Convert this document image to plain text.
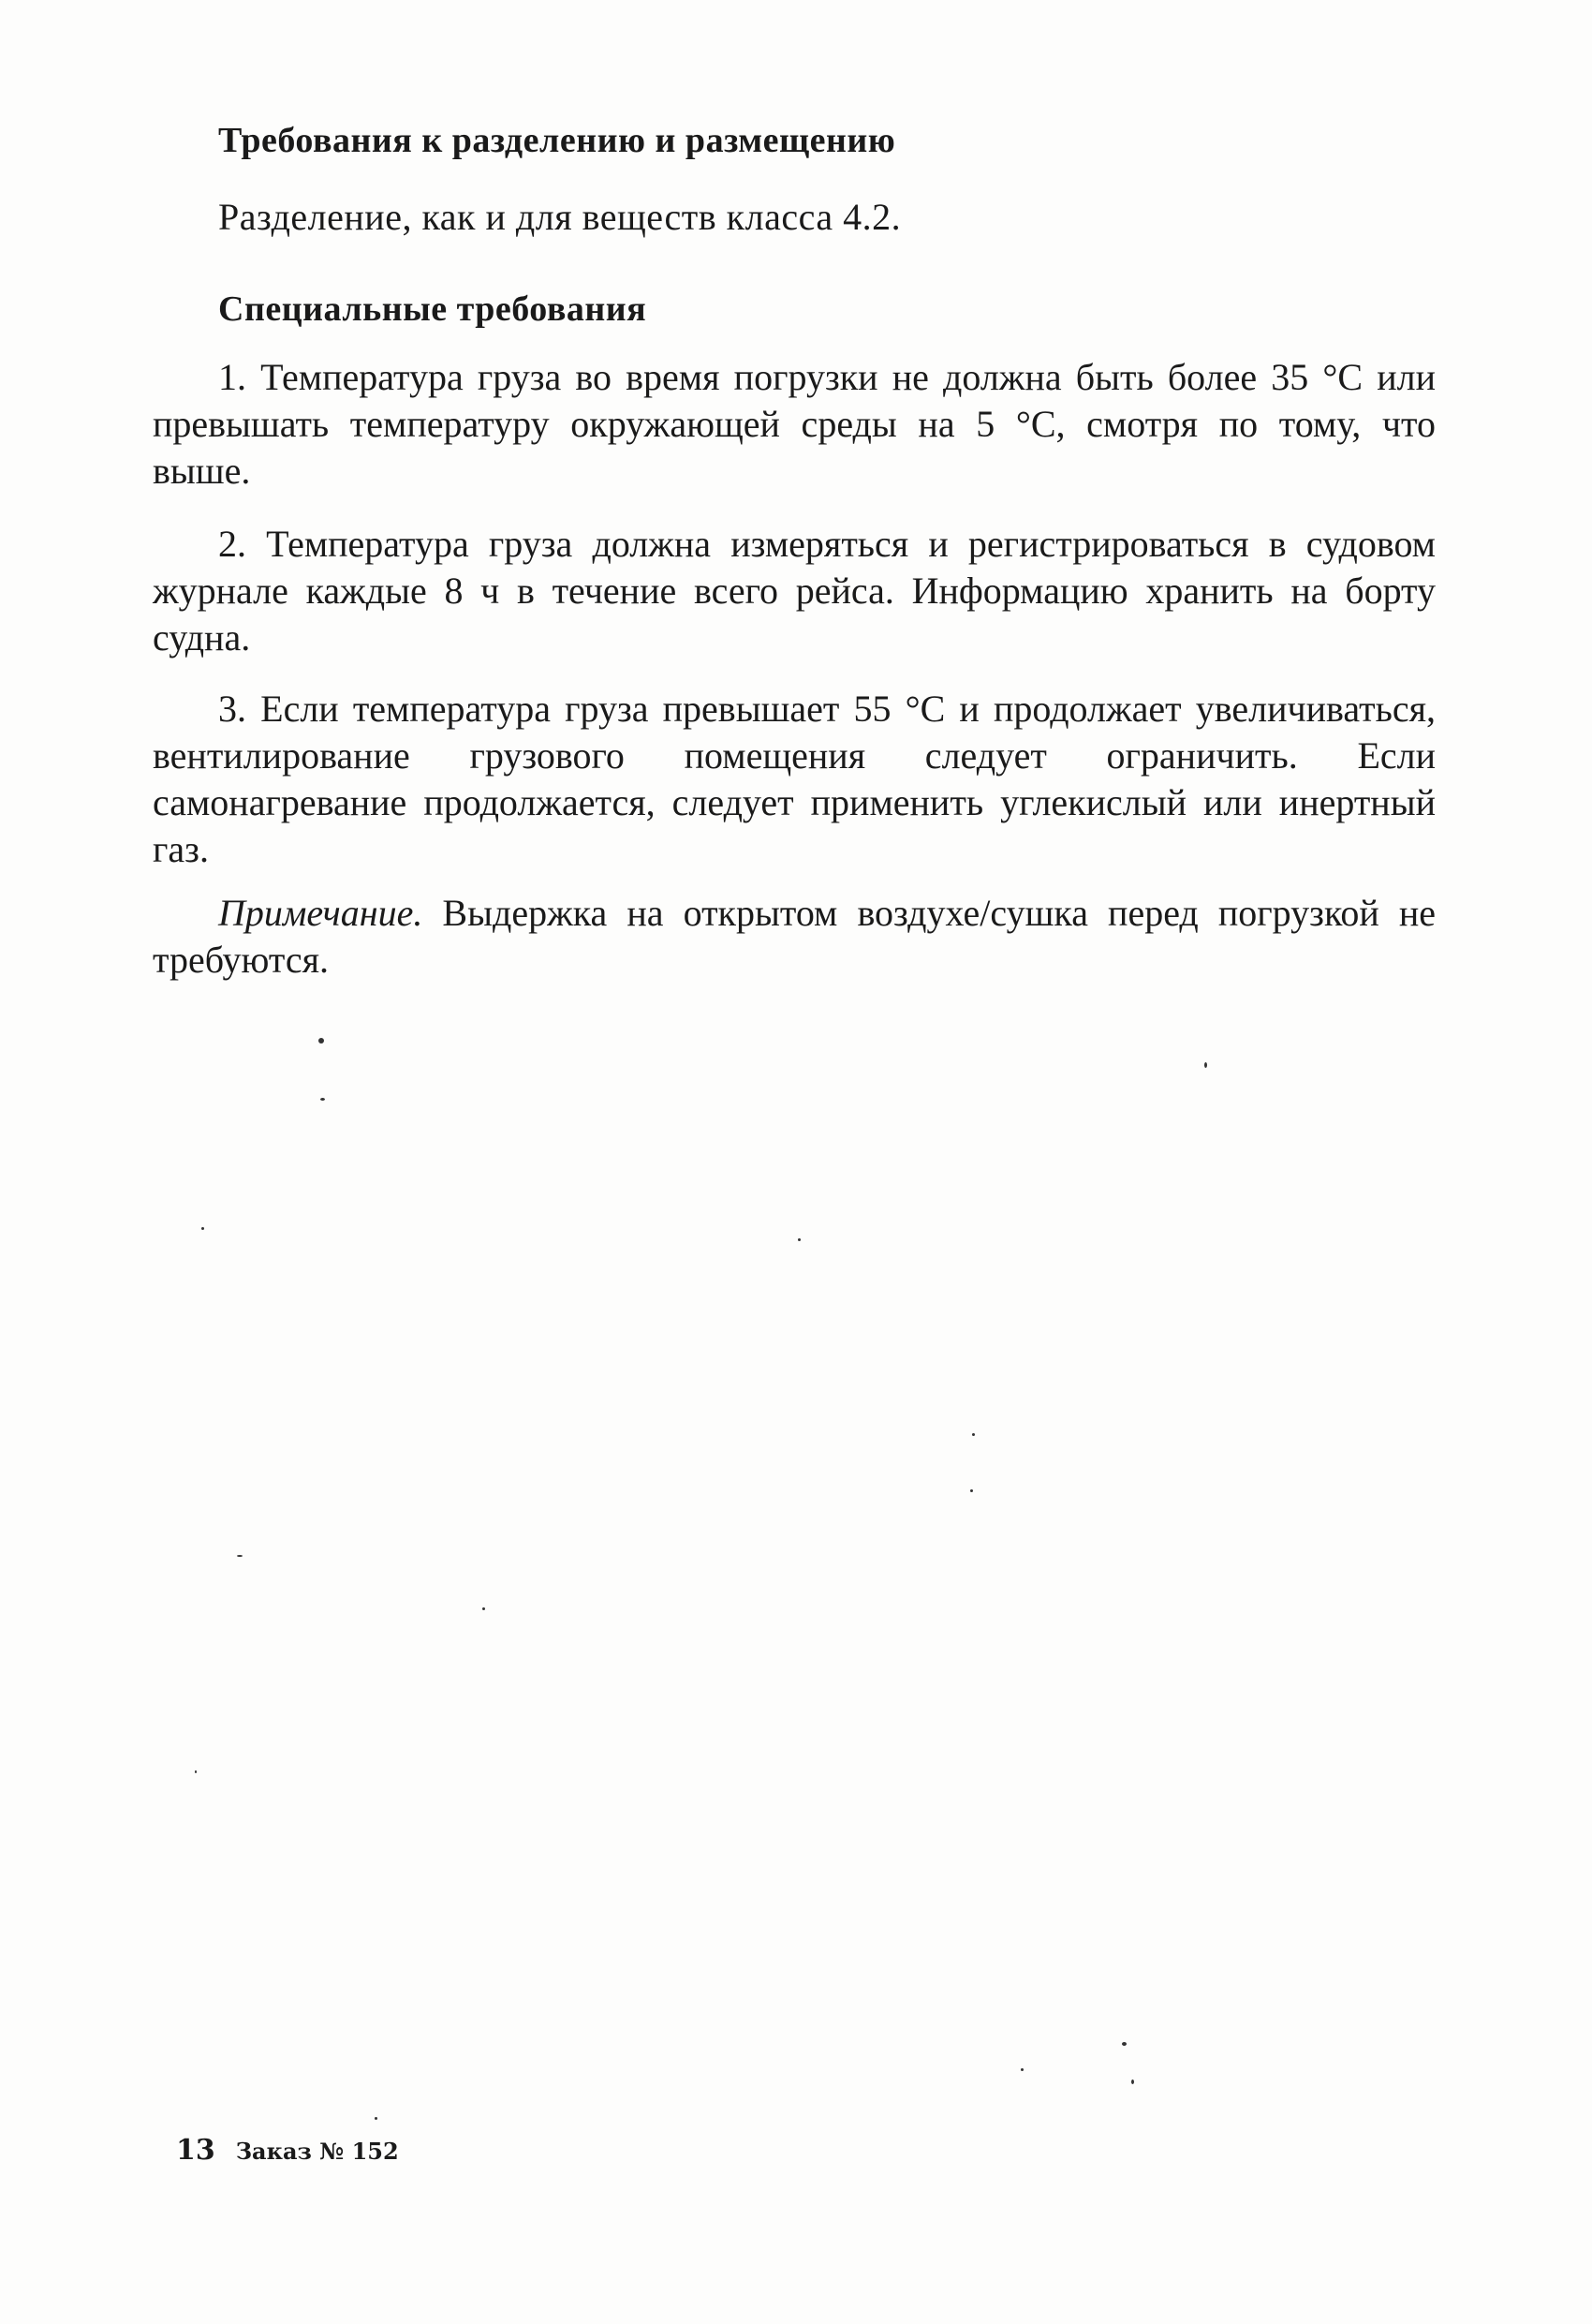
Требования к разделению и размещению
Разделение, как и для веществ класса 4.2.
Специальные требования

1. Температура груза во время погрузки не должна быть более 35 °С или превышать температуру окружающей среды на 5 °С, смотря по тому, что выше.

2. Температура груза должна измеряться и регистрироваться в судовом журнале каждые 8 ч в течение всего рейса. Информацию хранить на борту судна.

3. Если температура груза превышает 55 °С и продолжает увеличиваться, вентилирование грузового помещения следует ограничить. Если самонагревание продолжается, следует применить углекислый или инертный газ.

Примечание. Выдержка на открытом воздухе/сушка перед погрузкой не требуются.

13 Заказ № 152
